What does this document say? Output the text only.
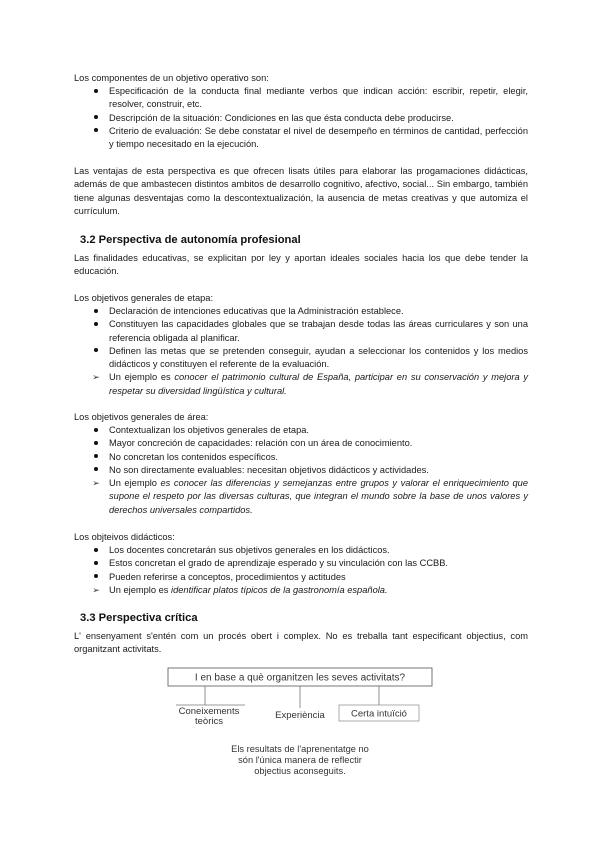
Los componentes de un objetivo operativo son:

Especificación de la conducta final mediante verbos que indican acción: escribir, repetir, elegir, resolver, construir, etc.
Descripción de la situación: Condiciones en las que ésta conducta debe producirse.
Criterio de evaluación: Se debe constatar el nivel de desempeño en términos de cantidad, perfección y tiempo necesitado en la ejecución.

Las ventajas de esta perspectiva es que ofrecen lisats útiles para elaborar las progamaciones didácticas, además de que ambastecen distintos ambitos de desarrollo cognitivo, afectivo, social... Sin embargo, también tiene algunas desventajas como la descontextualización, la ausencia de metas creativas y que automiza el currículum.

3.2 Perspectiva de autonomía profesional

Las finalidades educativas, se explicitan por ley y aportan ideales sociales hacia los que debe tender la educación.

Los objetivos generales de etapa:

Declaración de intenciones educativas que la Administración establece.
Constituyen las capacidades globales que se trabajan desde todas las áreas curriculares y son una referencia obligada al planificar.
Definen las metas que se pretenden conseguir, ayudan a seleccionar los contenidos y los medios didácticos y constituyen el referente de la evaluación.
➢ Un ejemplo es conocer el patrimonio cultural de España, participar en su conservación y mejora y respetar su diversidad lingüística y cultural.

Los objetivos generales de área:

Contextualizan los objetivos generales de etapa.
Mayor concreción de capacidades: relación con un área de conocimiento.
No concretan los contenidos específicos.
No son directamente evaluables: necesitan objetivos didácticos y actividades.
➢ Un ejemplo es conocer las diferencias y semejanzas entre grupos y valorar el enriquecimiento que supone el respeto por las diversas culturas, que integran el mundo sobre la base de unos valores y derechos universales compartidos.

Los objteivos didácticos:

Los docentes concretarán sus objetivos generales en los didácticos.
Estos concretan el grado de aprendizaje esperado y su vinculación con las CCBB.
Pueden referirse a conceptos, procedimientos y actitudes
➢ Un ejemplo es identificar platos típicos de la gastronomía española.
3.3 Perspectiva crítica

L' ensenyament s'entén com un procés obert i complex. No es treballa tant especificant objectius, com organitzant activitats.

I en base a què organitzen les seves activitats?
Coneixements	Experiència	Certa intuïció
Els resultats de l'aprenentatge no
són l'única manera de reflectir
objectius aconseguits.
teòrics
